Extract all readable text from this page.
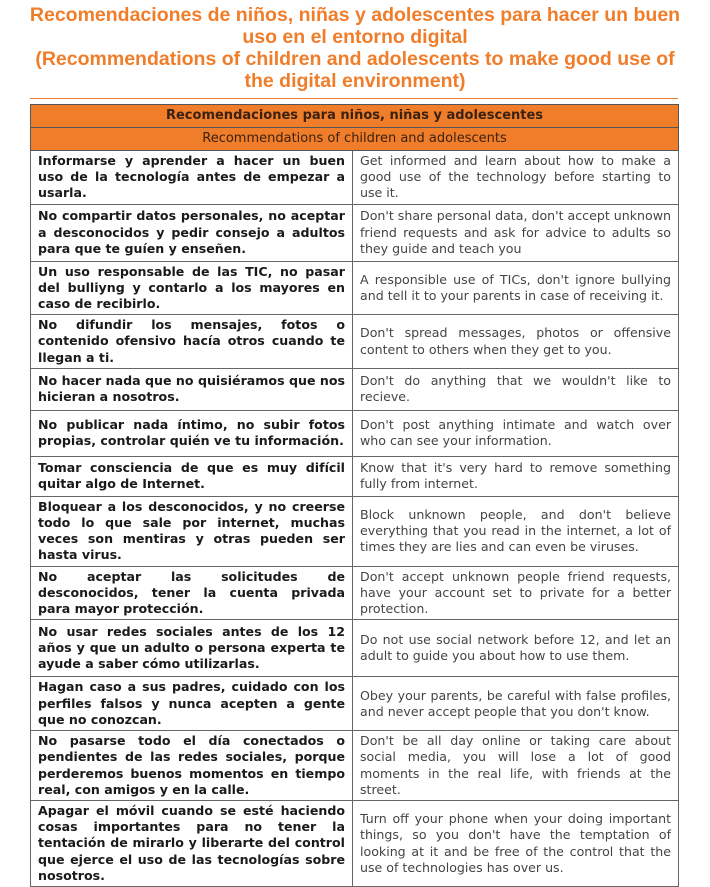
Recomendaciones de niños, niñas y adolescentes para hacer un buen uso en el entorno digital
(Recommendations of children and adolescents to make good use of the digital environment)
Recomendaciones para niños, niñas y adolescentes	
Recommendations of children and adolescents	
Informarse y aprender a hacer un buen uso de la tecnología antes de empezar a usarla.	Get informed and learn about how to make a good use of the technology before starting to use it.
No compartir datos personales, no aceptar a desconocidos y pedir consejo a adultos para que te guíen y enseñen.	Don't share personal data, don't accept unknown friend requests and ask for advice to adults so they guide and teach you
Un uso responsable de las TIC, no pasar del bulliyng y contarlo a los mayores en caso de recibirlo.	A responsible use of TICs, don't ignore bullying and tell it to your parents in case of receiving it.
No difundir los mensajes, fotos o contenido ofensivo hacía otros cuando te llegan a ti.	Don't spread messages, photos or offensive content to others when they get to you.
No hacer nada que no quisiéramos que nos hicieran a nosotros.	Don't do anything that we wouldn't like to recieve.
No publicar nada íntimo, no subir fotos propias, controlar quién ve tu información.	Don't post anything intimate and watch over who can see your information.
Tomar consciencia de que es muy difícil quitar algo de Internet.	Know that it's very hard to remove something fully from internet.
Bloquear a los desconocidos, y no creerse todo lo que sale por internet, muchas veces son mentiras y otras pueden ser hasta virus.	Block unknown people, and don't believe everything that you read in the internet, a lot of times they are lies and can even be viruses.
No aceptar las solicitudes de desconocidos, tener la cuenta privada para mayor protección.	Don't accept unknown people friend requests, have your account set to private for a better protection.
No usar redes sociales antes de los 12 años y que un adulto o persona experta te ayude a saber cómo utilizarlas.	Do not use social network before 12, and let an adult to guide you about how to use them.
Hagan caso a sus padres, cuidado con los perfiles falsos y nunca acepten a gente que no conozcan.	Obey your parents, be careful with false profiles, and never accept people that you don't know.
No pasarse todo el día conectados o pendientes de las redes sociales, porque perderemos buenos momentos en tiempo real, con amigos y en la calle.	Don't be all day online or taking care about social media, you will lose a lot of good moments in the real life, with friends at the street.
Apagar el móvil cuando se esté haciendo cosas importantes para no tener la tentación de mirarlo y liberarte del control que ejerce el uso de las tecnologías sobre nosotros.	Turn off your phone when your doing important things, so you don't have the temptation of looking at it and be free of the control that the use of technologies has over us.
